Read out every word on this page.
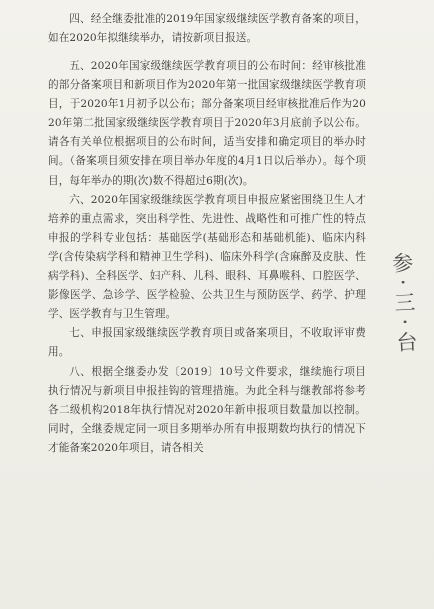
四、经全继委批准的2019年国家级继续医学教育备案的项目，如在2020年拟继续举办，请按新项目报送。

五、2020年国家级继续医学教育项目的公布时间：经审核批准的部分备案项目和新项目作为2020年第一批国家级继续医学教育项目，于2020年1月初予以公布；部分备案项目经审核批准后作为2020年第二批国家级继续医学教育项目于2020年3月底前予以公布。请各有关单位根据项目的公布时间，适当安排和确定项目的举办时间。（备案项目须安排在项目举办年度的4月1日以后举办）。每个项目，每年举办的期(次)数不得超过6期(次)。

六、2020年国家级继续医学教育项目申报应紧密围绕卫生人才培养的重点需求，突出科学性、先进性、战略性和可推广性的特点申报的学科专业包括：基础医学(基础形态和基础机能)、临床内科学(含传染病学科和精神卫生学科)、临床外科学(含麻醉及皮肤、性病学科)、全科医学、妇产科、儿科、眼科、耳鼻喉科、口腔医学、影像医学、急诊学、医学检验、公共卫生与预防医学、药学、护理学、医学教育与卫生管理。

七、申报国家级继续医学教育项目或备案项目，不收取评审费用。

八、根据全继委办发〔2019〕10号文件要求，继续施行项目执行情况与新项目申报挂钩的管理措施。为此全科与继教部将参考各二级机构2018年执行情况对2020年新申报项目数量加以控制。同时，全继委规定同一项目多期举办所有申报期数均执行的情况下才能备案2020年项目，请各相关

参·三·台
